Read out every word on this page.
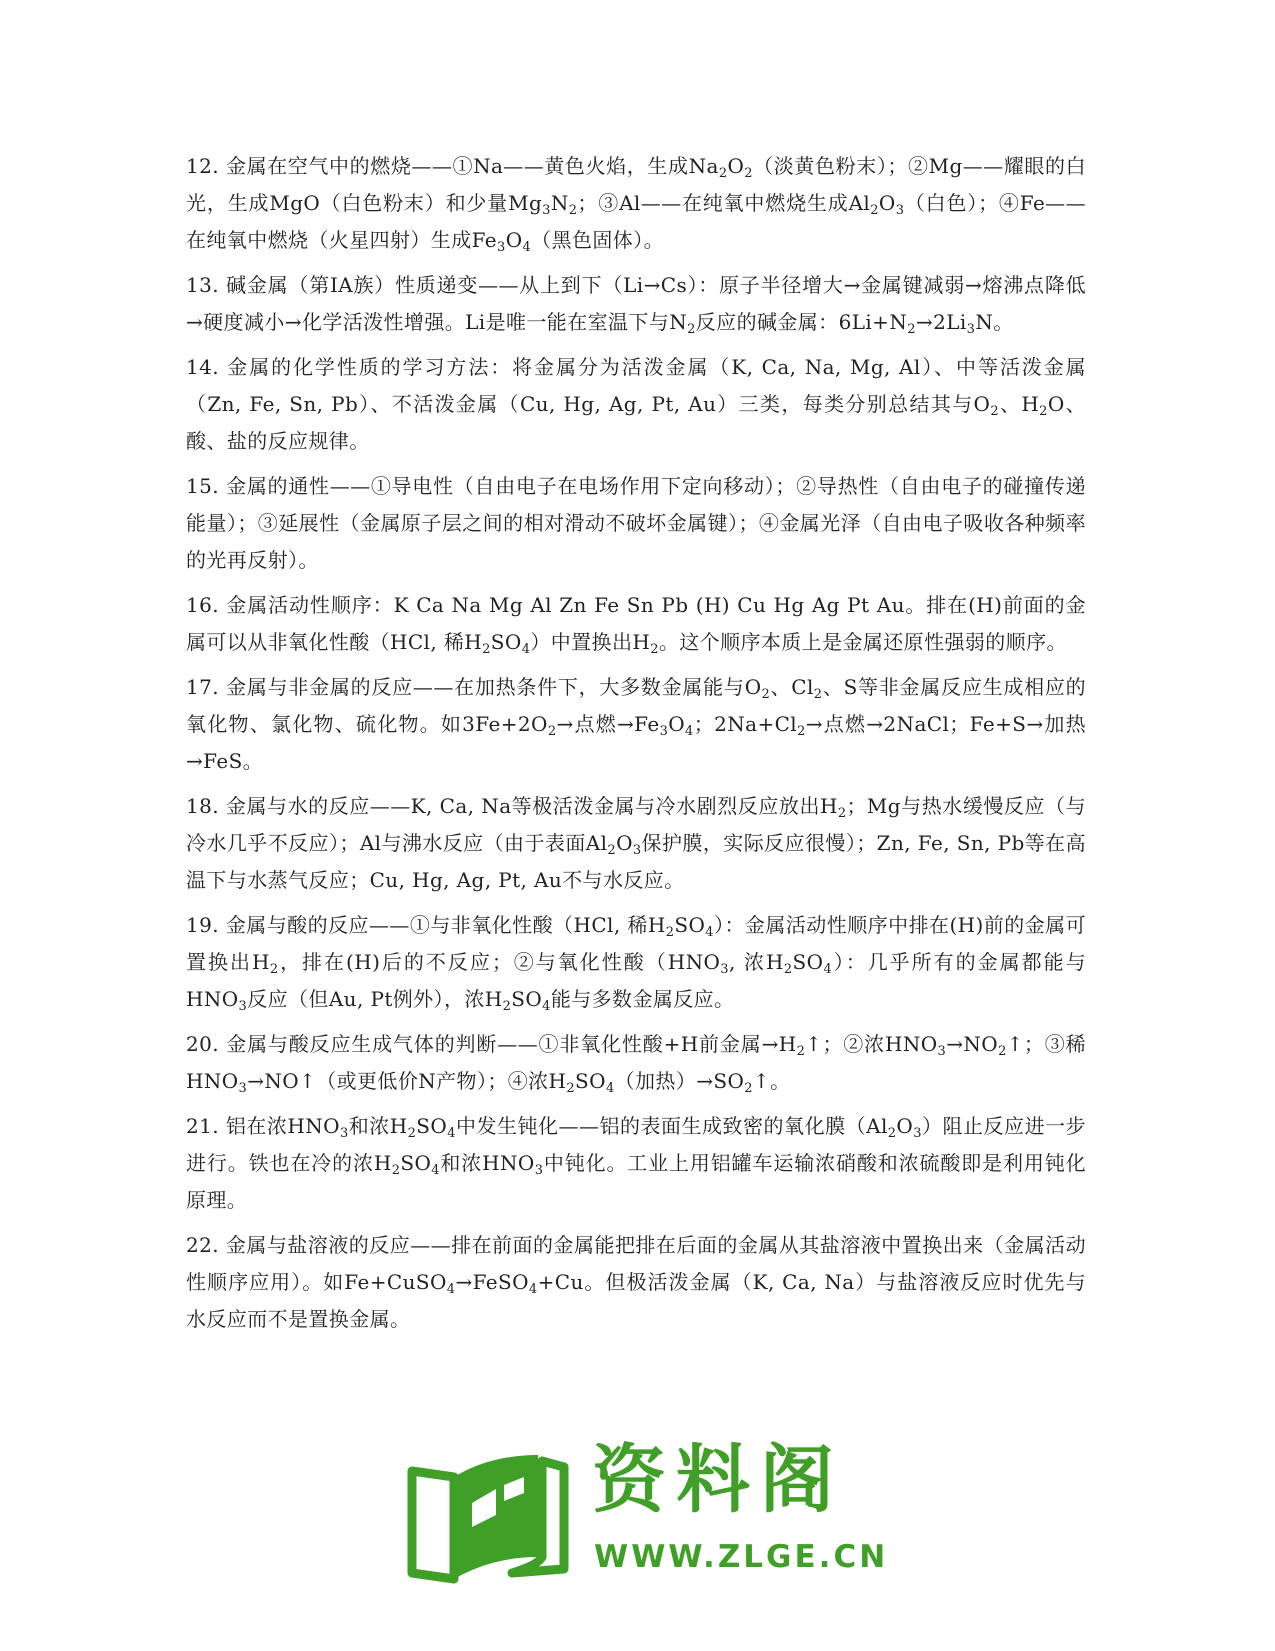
12. 金属在空气中的燃烧——①Na——黄色火焰，生成$Na_2O_2$（淡黄色粉末）；②Mg——耀眼的白光，生成MgO（白色粉末）和少量$Mg_3N_2$；③Al——在纯氧中燃烧生成$Al_2O_3$（白色）；④Fe——在纯氧中燃烧（火星四射）生成$Fe_3O_4$（黑色固体）。

13. 碱金属（第IA族）性质递变——从上到下（Li→Cs）：原子半径增大→金属键减弱→熔沸点降低→硬度减小→化学活泼性增强。Li是唯一能在室温下与$N_2$反应的碱金属：$6Li+N_2\to 2Li_3N$。

14. 金属的化学性质的学习方法：将金属分为活泼金属（K, Ca, Na, Mg, Al）、中等活泼金属（Zn, Fe, Sn, Pb）、不活泼金属（Cu, Hg, Ag, Pt, Au）三类，每类分别总结其与$O_2$、$H_2O$、酸、盐的反应规律。

15. 金属的通性——①导电性（自由电子在电场作用下定向移动）；②导热性（自由电子的碰撞传递能量）；③延展性（金属原子层之间的相对滑动不破坏金属键）；④金属光泽（自由电子吸收各种频率的光再反射）。

16. 金属活动性顺序：K Ca Na Mg Al Zn Fe Sn Pb (H) Cu Hg Ag Pt Au。排在(H)前面的金属可以从非氧化性酸（HCl, 稀$H_2SO_4$）中置换出$H_2$。这个顺序本质上是金属还原性强弱的顺序。

17. 金属与非金属的反应——在加热条件下，大多数金属能与$O_2$、$Cl_2$、S等非金属反应生成相应的氧化物、氯化物、硫化物。如$3Fe+2O_2\to$点燃$\to Fe_3O_4$；$2Na+Cl_2\to$点燃→2NaCl；Fe+S→加热→FeS。

18. 金属与水的反应——K, Ca, Na等极活泼金属与冷水剧烈反应放出$H_2$；Mg与热水缓慢反应（与冷水几乎不反应）；Al与沸水反应（由于表面$Al_2O_3$保护膜，实际反应很慢）；Zn, Fe, Sn, Pb等在高温下与水蒸气反应；Cu, Hg, Ag, Pt, Au不与水反应。

19. 金属与酸的反应——①与非氧化性酸（HCl, 稀$H_2SO_4$）：金属活动性顺序中排在(H)前的金属可置换出$H_2$，排在(H)后的不反应；②与氧化性酸（$HNO_3$, 浓$H_2SO_4$）：几乎所有的金属都能与$HNO_3$反应（但Au, Pt例外），浓$H_2SO_4$能与多数金属反应。

20. 金属与酸反应生成气体的判断——①非氧化性酸+H前金属$\to H_2↑$；②浓$HNO_3\to NO_2↑$；③稀$HNO_3\to NO↑$（或更低价N产物）；④浓$H_2SO_4$（加热）$\to SO_2↑$。

21. 铝在浓$HNO_3$和浓$H_2SO_4$中发生钝化——铝的表面生成致密的氧化膜$(Al_2O_3)$阻止反应进一步进行。铁也在冷的浓$H_2SO_4$和浓$HNO_3$中钝化。工业上用铝罐车运输浓硝酸和浓硫酸即是利用钝化原理。

22. 金属与盐溶液的反应——排在前面的金属能把排在后面的金属从其盐溶液中置换出来（金属活动性顺序应用）。如Fe+CuSO$_4$→FeSO$_4$+Cu。但极活泼金属（K, Ca, Na）与盐溶液反应时优先与水反应而不是置换金属。

资料阁
WWW.ZLGE.CN
